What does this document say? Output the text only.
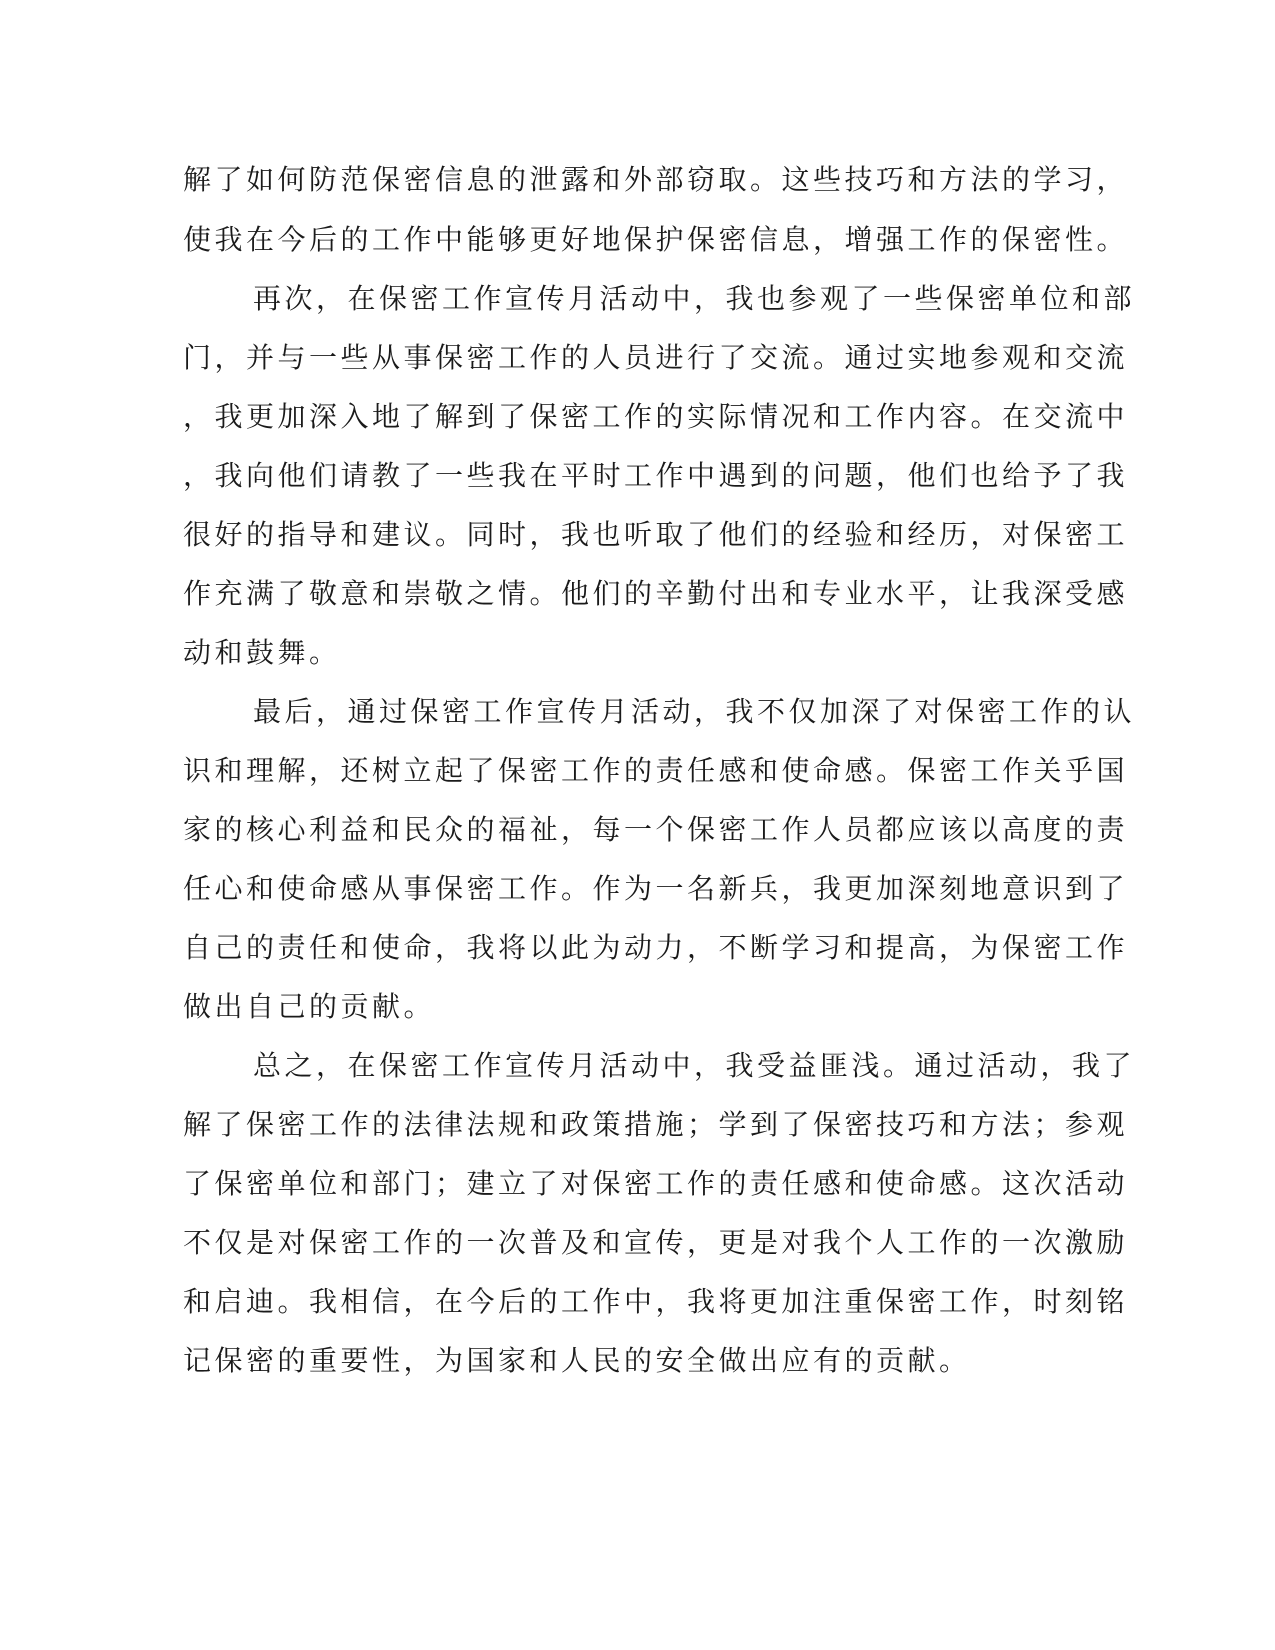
解了如何防范保密信息的泄露和外部窃取。这些技巧和方法的学习，
使我在今后的工作中能够更好地保护保密信息，增强工作的保密性。
再次，在保密工作宣传月活动中，我也参观了一些保密单位和部
门，并与一些从事保密工作的人员进行了交流。通过实地参观和交流
，我更加深入地了解到了保密工作的实际情况和工作内容。在交流中
，我向他们请教了一些我在平时工作中遇到的问题，他们也给予了我
很好的指导和建议。同时，我也听取了他们的经验和经历，对保密工
作充满了敬意和崇敬之情。他们的辛勤付出和专业水平，让我深受感
动和鼓舞。
最后，通过保密工作宣传月活动，我不仅加深了对保密工作的认
识和理解，还树立起了保密工作的责任感和使命感。保密工作关乎国
家的核心利益和民众的福祉，每一个保密工作人员都应该以高度的责
任心和使命感从事保密工作。作为一名新兵，我更加深刻地意识到了
自己的责任和使命，我将以此为动力，不断学习和提高，为保密工作
做出自己的贡献。
总之，在保密工作宣传月活动中，我受益匪浅。通过活动，我了
解了保密工作的法律法规和政策措施；学到了保密技巧和方法；参观
了保密单位和部门；建立了对保密工作的责任感和使命感。这次活动
不仅是对保密工作的一次普及和宣传，更是对我个人工作的一次激励
和启迪。我相信，在今后的工作中，我将更加注重保密工作，时刻铭
记保密的重要性，为国家和人民的安全做出应有的贡献。
